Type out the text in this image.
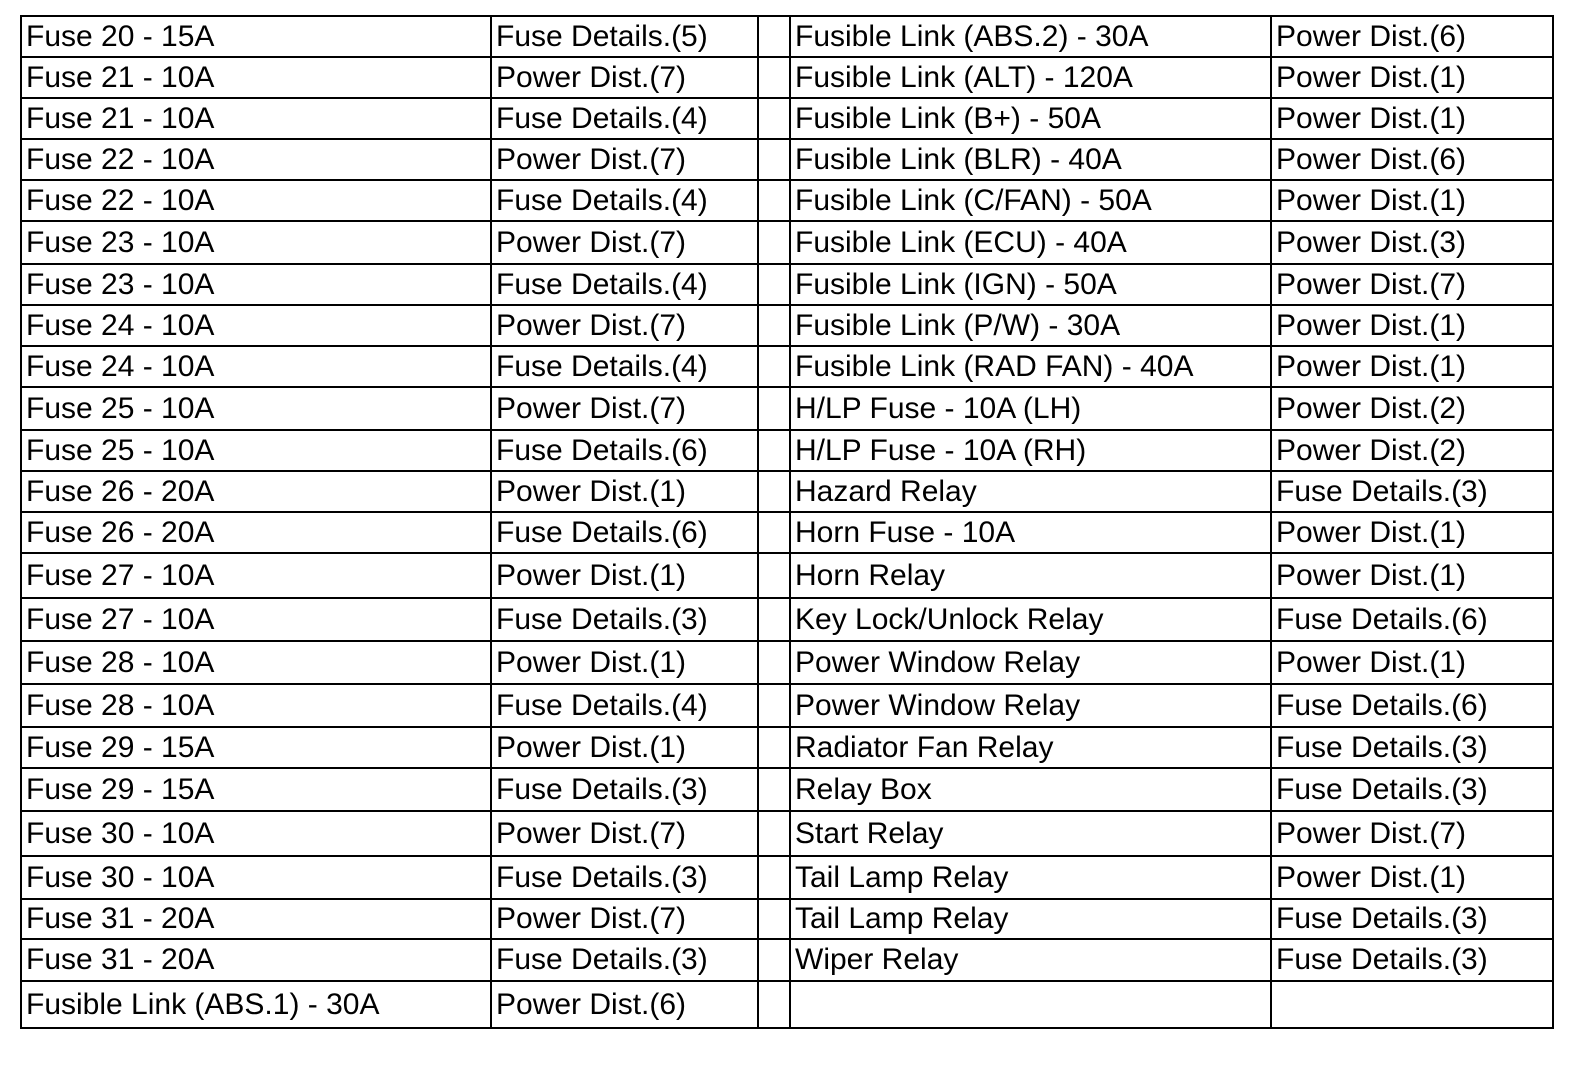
Fuse 20 - 15A	Fuse Details.(5)		Fusible Link (ABS.2) - 30A	Power Dist.(6)
Fuse 21 - 10A	Power Dist.(7)		Fusible Link (ALT) - 120A	Power Dist.(1)
Fuse 21 - 10A	Fuse Details.(4)		Fusible Link (B+) - 50A	Power Dist.(1)
Fuse 22 - 10A	Power Dist.(7)		Fusible Link (BLR) - 40A	Power Dist.(6)
Fuse 22 - 10A	Fuse Details.(4)		Fusible Link (C/FAN) - 50A	Power Dist.(1)
Fuse 23 - 10A	Power Dist.(7)		Fusible Link (ECU) - 40A	Power Dist.(3)
Fuse 23 - 10A	Fuse Details.(4)		Fusible Link (IGN) - 50A	Power Dist.(7)
Fuse 24 - 10A	Power Dist.(7)		Fusible Link (P/W) - 30A	Power Dist.(1)
Fuse 24 - 10A	Fuse Details.(4)		Fusible Link (RAD FAN) - 40A	Power Dist.(1)
Fuse 25 - 10A	Power Dist.(7)		H/LP Fuse - 10A (LH)	Power Dist.(2)
Fuse 25 - 10A	Fuse Details.(6)		H/LP Fuse - 10A (RH)	Power Dist.(2)
Fuse 26 - 20A	Power Dist.(1)		Hazard Relay	Fuse Details.(3)
Fuse 26 - 20A	Fuse Details.(6)		Horn Fuse - 10A	Power Dist.(1)
Fuse 27 - 10A	Power Dist.(1)		Horn Relay	Power Dist.(1)
Fuse 27 - 10A	Fuse Details.(3)		Key Lock/Unlock Relay	Fuse Details.(6)
Fuse 28 - 10A	Power Dist.(1)		Power Window Relay	Power Dist.(1)
Fuse 28 - 10A	Fuse Details.(4)		Power Window Relay	Fuse Details.(6)
Fuse 29 - 15A	Power Dist.(1)		Radiator Fan Relay	Fuse Details.(3)
Fuse 29 - 15A	Fuse Details.(3)		Relay Box	Fuse Details.(3)
Fuse 30 - 10A	Power Dist.(7)		Start Relay	Power Dist.(7)
Fuse 30 - 10A	Fuse Details.(3)		Tail Lamp Relay	Power Dist.(1)
Fuse 31 - 20A	Power Dist.(7)		Tail Lamp Relay	Fuse Details.(3)
Fuse 31 - 20A	Fuse Details.(3)		Wiper Relay	Fuse Details.(3)
Fusible Link (ABS.1) - 30A	Power Dist.(6)			
